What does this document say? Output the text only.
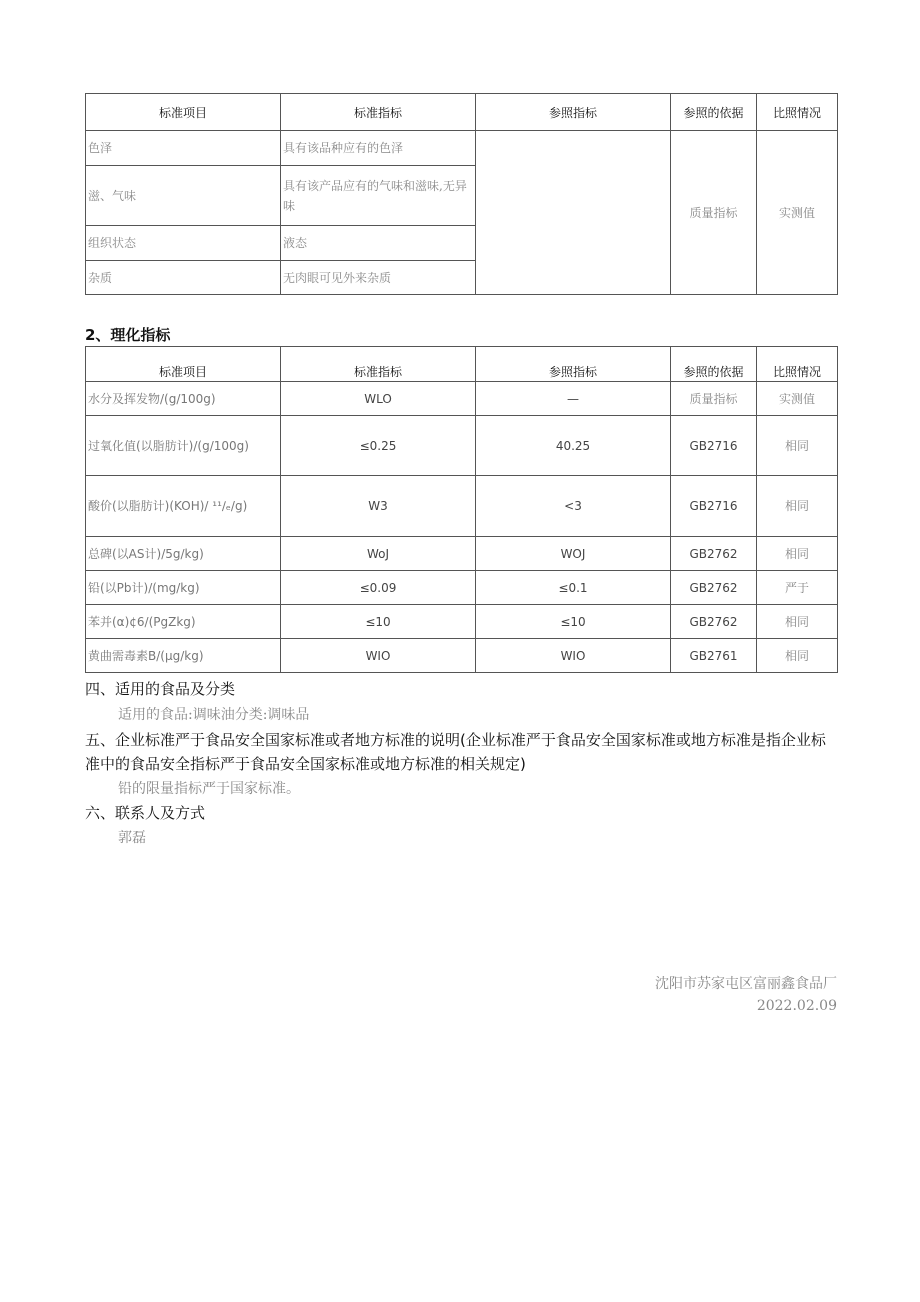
标准项目	标准指标	参照指标	参照的依据	比照情况
色泽	具有该品种应有的色泽		质量指标	实测值
滋、气味	具有该产品应有的气味和滋味,无异味			
组织状态	液态			
杂质	无肉眼可见外来杂质			
2、理化指标
标准项目	标准指标	参照指标	参照的依据	比照情况
水分及挥发物/(g/100g)	WLO	—	质量指标	实测值
过氧化值(以脂肪计)/(g/100g)	≤0.25	40.25	GB2716	相同
酸价(以脂肪计)(KOH)/ ¹¹∕ₑ/g)	W3	<3	GB2716	相同
总碑(以AS计)/5g/kg)	WoJ	WOJ	GB2762	相同
铅(以Pb计)/(mg/kg)	≤0.09	≤0.1	GB2762	严于
苯并(α)¢6/(PgZkg)	≤10	≤10	GB2762	相同
黄曲需毒素B/(μg/kg)	WIO	WIO	GB2761	相同
四、适用的食品及分类
适用的食品:调味油分类:调味品
五、企业标准严于食品安全国家标准或者地方标准的说明(企业标准严于食品安全国家标准或地方标准是指企业标准中的食品安全指标严于食品安全国家标准或地方标准的相关规定)
铅的限量指标严于国家标准。
六、联系人及方式
郭磊
沈阳市苏家屯区富丽鑫食品厂
2022.02.09
